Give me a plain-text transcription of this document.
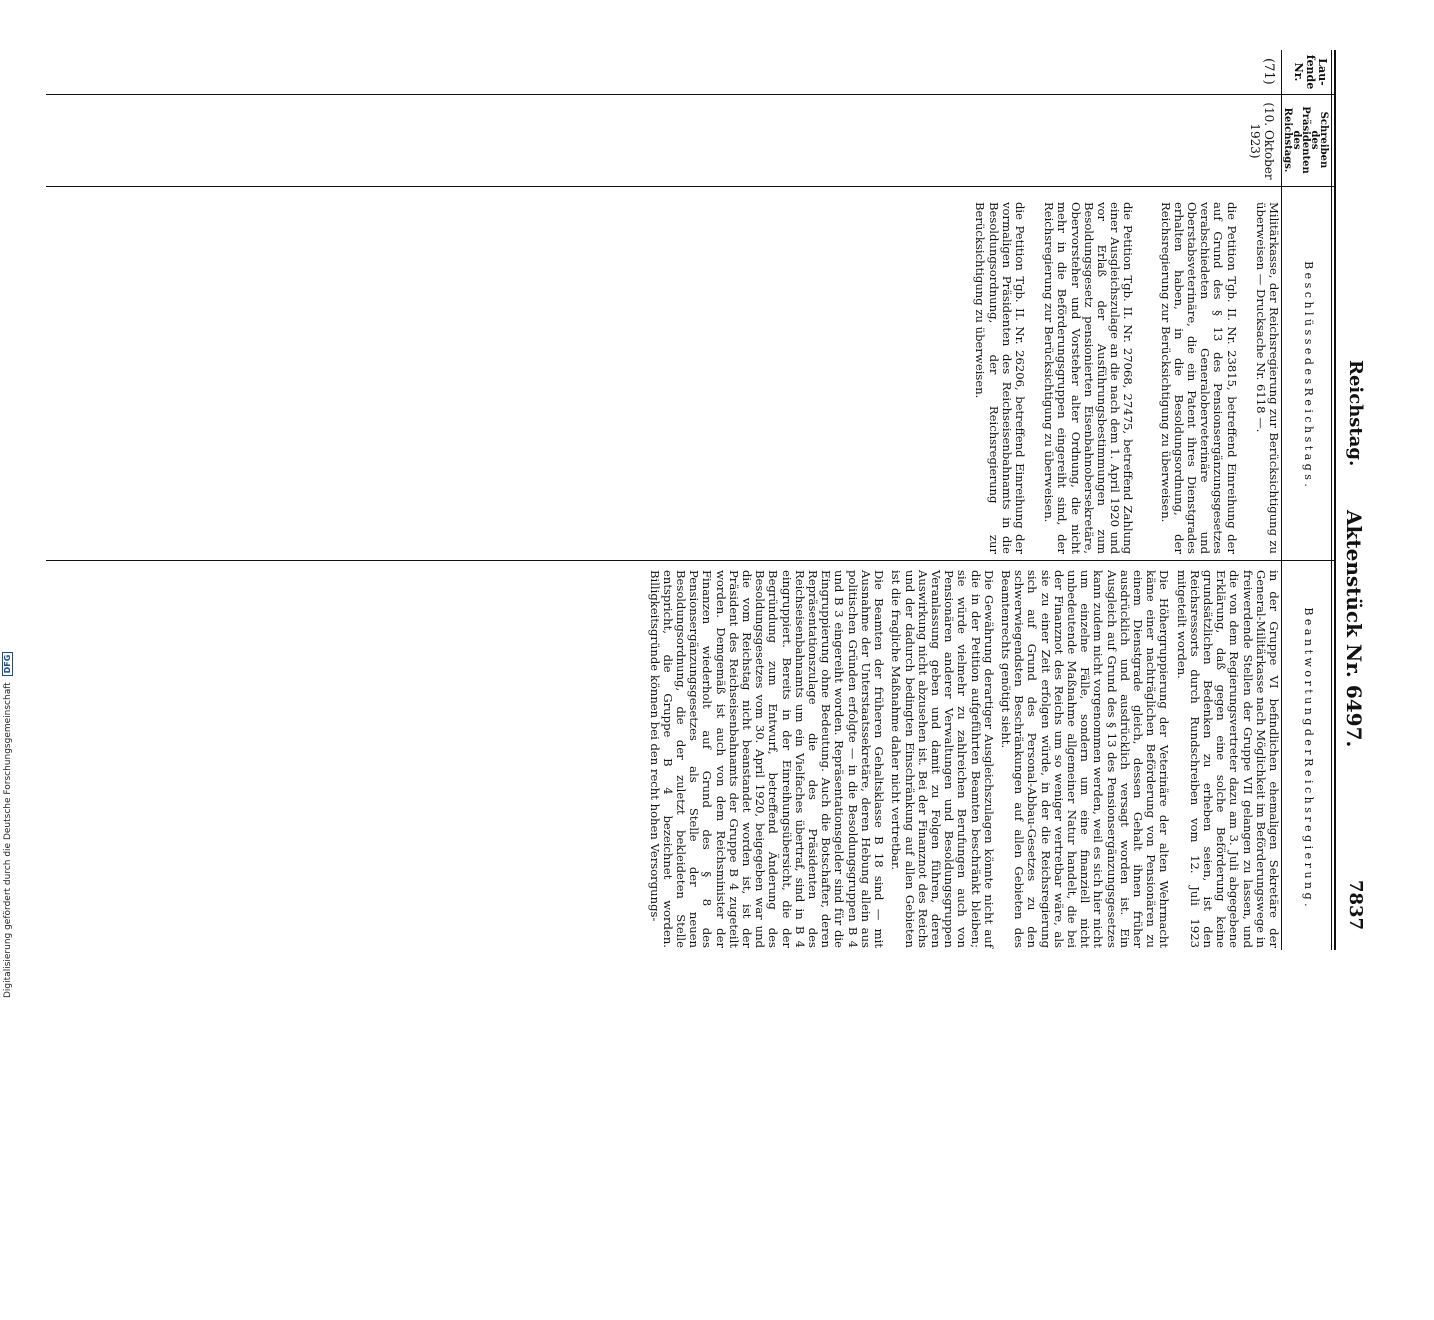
Digitalisierung gefördert durch die Deutsche Forschungsgemeinschaft DFG
Reichstag.
Aktenstück Nr. 6497.
7837
Lau-
fende
Nr.
Schreiben
des
Präsidenten
des
Reichstags.
B e s c h l ü s s e d e s R e i c h s t a g s .
B e a n t w o r t u n g d e r R e i c h s r e g i e r u n g .
(71)
(10. Oktober
1923)

Militärkasse, der Reichsregierung zur Berücksichtigung zu überweisen — Drucksache Nr. 6118 —.

die Petition Tgb. II. Nr. 23815, betreffend Einreihung der auf Grund des § 13 des Pensionsergänzungsgesetzes verabschiedeten Generaloberveterinäre und Oberstabsveterinäre, die ein Patent ihres Dienstgrades erhalten haben, in die Besoldungsordnung, der Reichsregierung zur Berücksichtigung zu überweisen.

die Petition Tgb. II. Nr. 27068, 27475, betreffend Zahlung einer Ausgleichszulage an die nach dem 1. April 1920 und vor Erlaß der Ausführungsbestimmungen zum Besoldungsgesetz pensionierten Eisenbahnobersekretäre, Obervorsteher und Vorsteher alter Ordnung, die nicht mehr in die Beförderungsgruppen eingereiht sind, der Reichsregierung zur Berücksichtigung zu überweisen.

die Petition Tgb. II. Nr. 26206, betreffend Einreihung der vormaligen Präsidenten des Reichseisenbahnamts in die Besoldungsordnung, der Reichsregierung zur Berücksichtigung zu überweisen.

in der Gruppe VI befindlichen ehemaligen Sekretäre der General-Militärkasse nach Möglichkeit im Beförderungswege in freiwerdende Stellen der Gruppe VII gelangen zu lassen, und die von dem Regierungsvertreter dazu am 3. Juli abgegebene Erklärung, daß gegen eine solche Beförderung keine grundsätzlichen Bedenken zu erheben seien, ist den Reichsressorts durch Rundschreiben vom 12. Juli 1923 mitgeteilt worden.

Die Höhergruppierung der Veterinäre der alten Wehrmacht käme einer nachträglichen Beförderung von Pensionären zu einem Dienstgrade gleich, dessen Gehalt ihnen früher ausdrücklich und ausdrücklich versagt worden ist. Ein Ausgleich auf Grund des § 13 des Pensionsergänzungsgesetzes kann zudem nicht vorgenommen werden, weil es sich hier nicht um einzelne Fälle, sondern um eine finanziell nicht unbedeutende Maßnahme allgemeiner Natur handelt, die bei der Finanznot des Reichs um so weniger vertretbar wäre, als sie zu einer Zeit erfolgen würde, in der die Reichsregierung sich auf Grund des Personal-Abbau-Gesetzes zu den schwerwiegendsten Beschränkungen auf allen Gebieten des Beamtenrechts genötigt sieht.

Die Gewährung derartiger Ausgleichszulagen könnte nicht auf die in der Petition aufgeführten Beamten beschränkt bleiben; sie würde vielmehr zu zahlreichen Berufungen auch von Pensionären anderer Verwaltungen und Besoldungsgruppen Veranlassung geben und damit zu Folgen führen, deren Auswirkung nicht abzusehen ist. Bei der Finanznot des Reichs und der dadurch bedingten Einschränkung auf allen Gebieten ist die fragliche Maßnahme daher nicht vertretbar.

Die Beamten der früheren Gehaltsklasse B 18 sind — mit Ausnahme der Unterstaatssekretäre, deren Hebung allein aus politischen Gründen erfolgte — in die Besoldungsgruppen B 4 und B 3 eingereiht worden. Repräsentationsgelder sind für die Eingruppierung ohne Bedeutung. Auch die Botschafter, deren Repräsentationszulage die des Präsidenten des Reichseisenbahnamts um ein Vielfaches übertraf, sind in B 4 eingruppiert. Bereits in der Einreihungsübersicht, die der Begründung zum Entwurf, betreffend Änderung des Besoldungsgesetzes vom 30. April 1920, beigegeben war und die vom Reichstag nicht beanstandet worden ist, ist der Präsident des Reichseisenbahnamts der Gruppe B 4 zugeteilt worden. Demgemäß ist auch von dem Reichsminister der Finanzen wiederholt auf Grund des § 8 des Pensionsergänzungsgesetzes als Stelle der neuen Besoldungsordnung, die der zuletzt bekleideten Stelle entspricht, die Gruppe B 4 bezeichnet worden. Billigkeitsgründe können bei den recht hohen Versorgungs-
